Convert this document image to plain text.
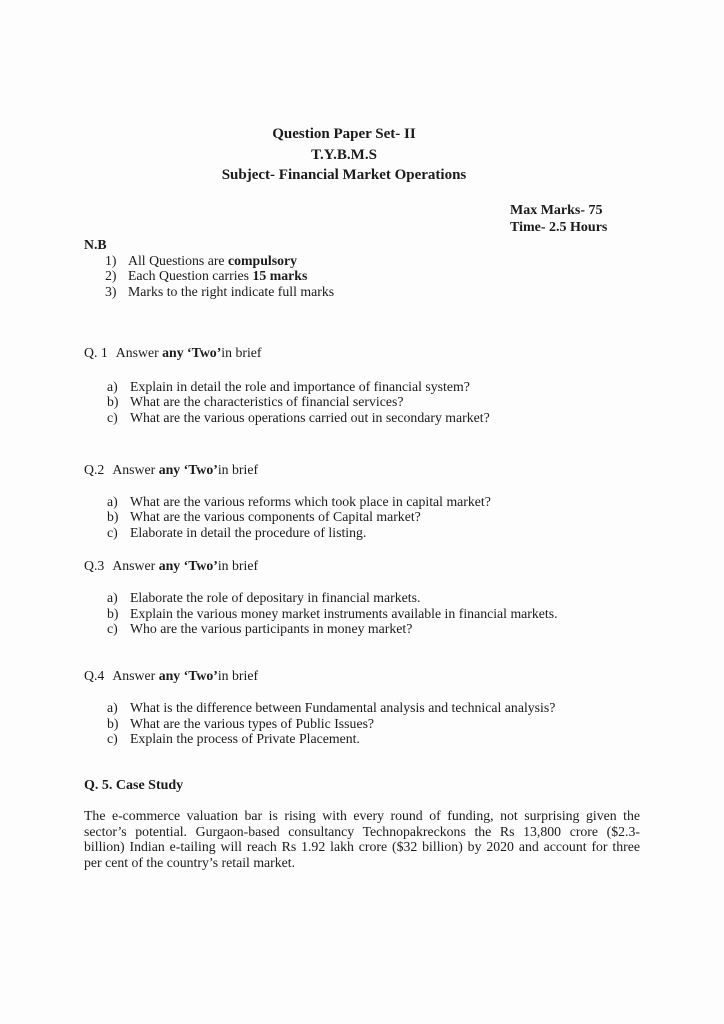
Question Paper Set- II
T.Y.B.M.S
Subject- Financial Market Operations
Max Marks- 75
Time- 2.5 Hours
N.B
1) All Questions are compulsory
2) Each Question carries 15 marks
3) Marks to the right indicate full marks
Q. 1 Answer any ‘Two’in brief
a) Explain in detail the role and importance of financial system?
b) What are the characteristics of financial services?
c) What are the various operations carried out in secondary market?
Q.2 Answer any ‘Two’in brief
a) What are the various reforms which took place in capital market?
b) What are the various components of Capital market?
c) Elaborate in detail the procedure of listing.
Q.3 Answer any ‘Two’in brief
a) Elaborate the role of depositary in financial markets.
b) Explain the various money market instruments available in financial markets.
c) Who are the various participants in money market?
Q.4 Answer any ‘Two’in brief
a) What is the difference between Fundamental analysis and technical analysis?
b) What are the various types of Public Issues?
c) Explain the process of Private Placement.
Q. 5. Case Study
The e-commerce valuation bar is rising with every round of funding, not surprising given the
sector’s potential. Gurgaon-based consultancy Technopakreckons the Rs 13,800 crore ($2.3-
billion) Indian e-tailing will reach Rs 1.92 lakh crore ($32 billion) by 2020 and account for three
per cent of the country’s retail market.
